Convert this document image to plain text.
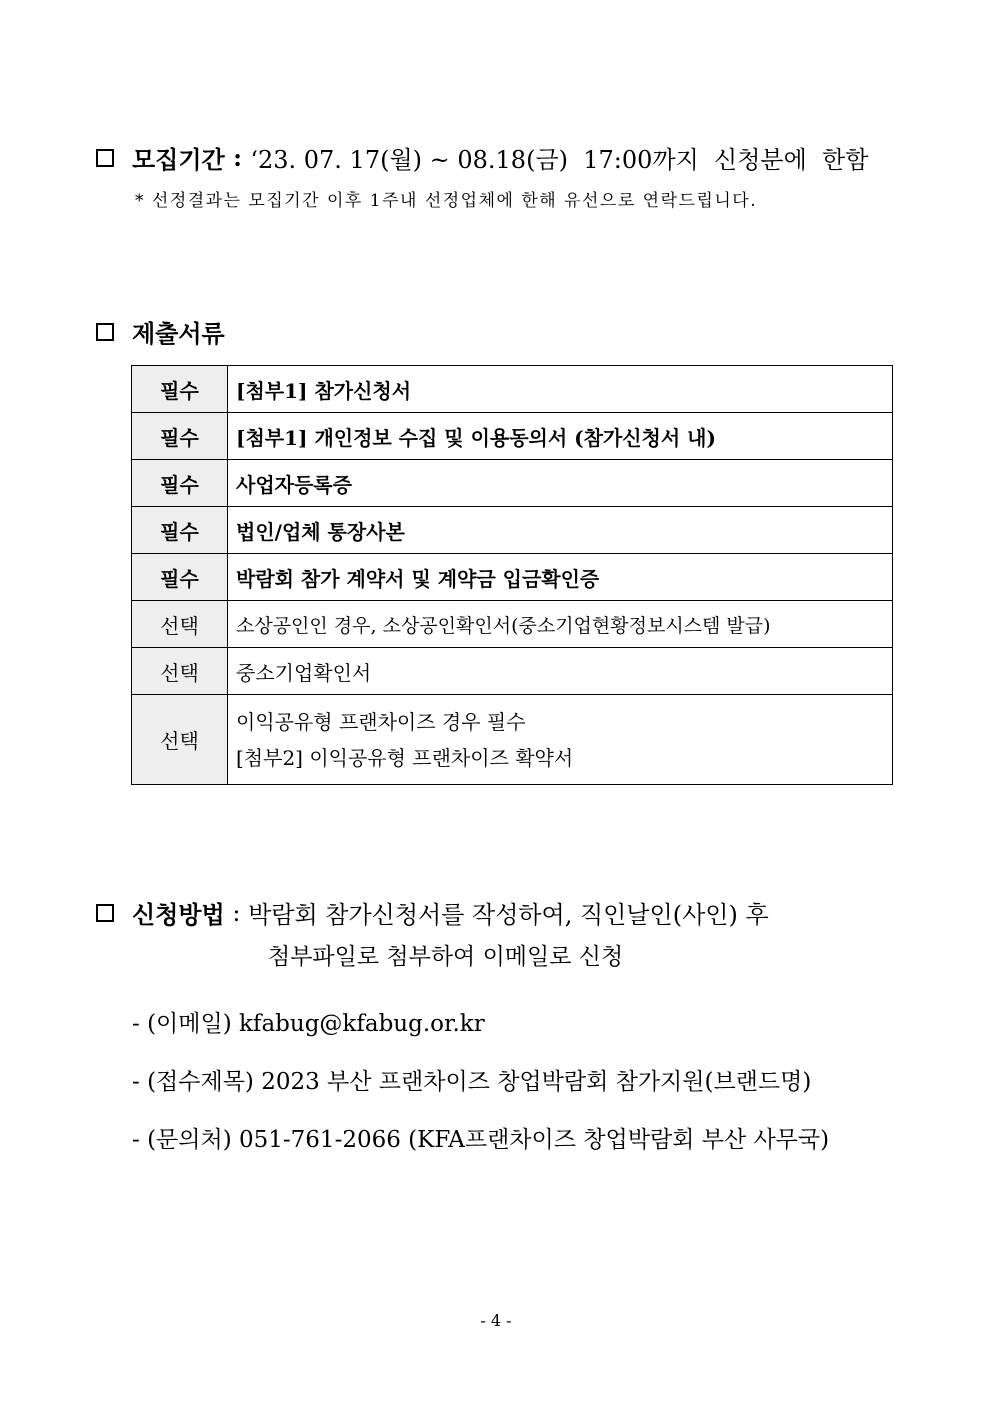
모집기간 : ‘23. 07. 17(월) ~ 08.18(금)  17:00까지  신청분에  한함
* 선정결과는 모집기간 이후 1주내 선정업체에 한해 유선으로 연락드립니다.
제출서류
필수	[첨부1] 참가신청서
필수	[첨부1] 개인정보 수집 및 이용동의서 (참가신청서 내)
필수	사업자등록증
필수	법인/업체 통장사본
필수	박람회 참가 계약서 및 계약금 입금확인증
선택	소상공인인 경우, 소상공인확인서(중소기업현황정보시스템 발급)
선택	중소기업확인서
선택	이익공유형 프랜차이즈 경우 필수
[첨부2] 이익공유형 프랜차이즈 확약서
신청방법 : 박람회 참가신청서를 작성하여, 직인날인(사인) 후
첨부파일로 첨부하여 이메일로 신청
- (이메일) kfabug@kfabug.or.kr
- (접수제목) 2023 부산 프랜차이즈 창업박람회 참가지원(브랜드명)
- (문의처) 051-761-2066 (KFA프랜차이즈 창업박람회 부산 사무국)
- 4 -
